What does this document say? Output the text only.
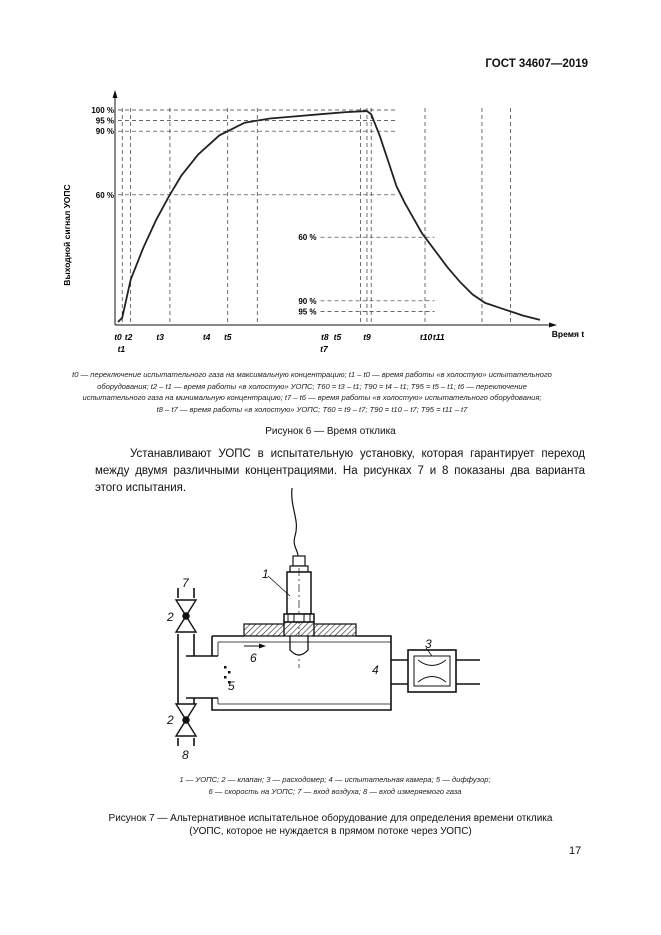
ГОСТ 34607—2019
100 %
95 %
90 %
60 %
60 %
90 %
95 %
t0 t2	t3	t4 t5	t8 t5	t9	t10 t11
t1	t7
Выходной сигнал УОПС
Время t
t0 — переключение испытательного газа на максимальную концентрацию; t1 – t0 — время работы «в холостую» испытательного
оборудования; t2 – t1 — время работы «в холостую» УОПС; T60 = t3 – t1; T90 = t4 – t1; T95 = t5 – t1; t6 — переключение
испытательного газа на минимальную концентрацию; t7 – t6 — время работы «в холостую» испытательного оборудования;
t8 – t7 — время работы «в холостую» УОПС; T60 = t9 – t7; T90 = t10 – t7; T95 = t11 – t7
Рисунок 6 — Время отклика
Устанавливают УОПС в испытательную установку, которая гарантирует переход между двумя различными концентрациями. На рисунках 7 и 8 показаны два варианта этого испытания.
1
3
4
5
6
2
2
7
8
1 — УОПС; 2 — клапан; 3 — расходомер; 4 — испытательная камера; 5 — диффузор;
6 — скорость на УОПС; 7 — вход воздуха; 8 — вход измеряемого газа
Рисунок 7 — Альтернативное испытательное оборудование для определения времени отклика
(УОПС, которое не нуждается в прямом потоке через УОПС)
17
